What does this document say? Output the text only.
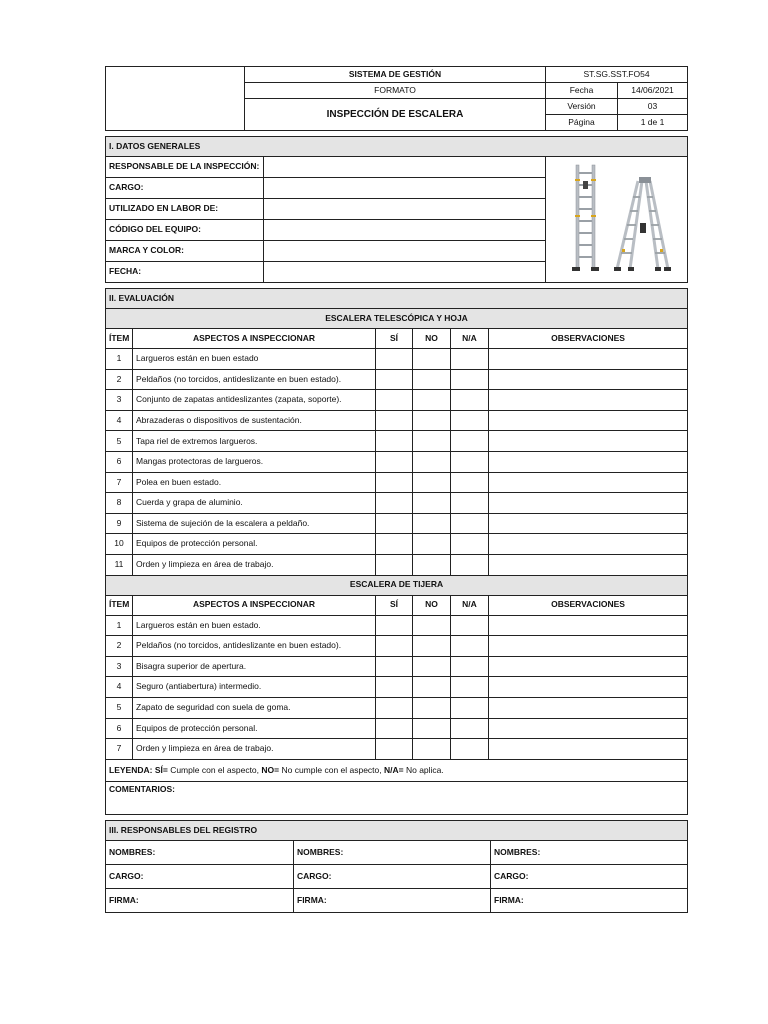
	SISTEMA DE GESTIÓN	ST.SG.SST.FO54	
	FORMATO	Fecha	14/06/2021
	INSPECCIÓN DE ESCALERA	Versión	03
		Página	1 de 1
I. DATOS GENERALES		
RESPONSABLE DE LA INSPECCIÓN:		
CARGO:		
UTILIZADO EN LABOR DE:		
CÓDIGO DEL EQUIPO:		
MARCA Y COLOR:		
FECHA:		
II. EVALUACIÓN					
ESCALERA TELESCÓPICA Y HOJA					
ÍTEM	ASPECTOS A INSPECCIONAR	SÍ	NO	N/A	OBSERVACIONES
1	Largueros están en buen estado				
2	Peldaños (no torcidos, antideslizante en buen estado).				
3	Conjunto de zapatas antideslizantes (zapata, soporte).				
4	Abrazaderas o dispositivos de sustentación.				
5	Tapa riel de extremos largueros.				
6	Mangas protectoras de largueros.				
7	Polea en buen estado.				
8	Cuerda y grapa de aluminio.				
9	Sistema de sujeción de la escalera a peldaño.				
10	Equipos de protección personal.				
11	Orden y limpieza en área de trabajo.				
ESCALERA DE TIJERA					
ÍTEM	ASPECTOS A INSPECCIONAR	SÍ	NO	N/A	OBSERVACIONES
1	Largueros están en buen estado.				
2	Peldaños (no torcidos, antideslizante en buen estado).				
3	Bisagra superior de apertura.				
4	Seguro (antiabertura) intermedio.				
5	Zapato de seguridad con suela de goma.				
6	Equipos de protección personal.				
7	Orden y limpieza en área de trabajo.				
LEYENDA: SÍ= Cumple con el aspecto, NO= No cumple con el aspecto, N/A= No aplica.					
COMENTARIOS:					
III. RESPONSABLES DEL REGISTRO		
NOMBRES:	NOMBRES:	NOMBRES:
CARGO:	CARGO:	CARGO:
FIRMA:	FIRMA:	FIRMA:
